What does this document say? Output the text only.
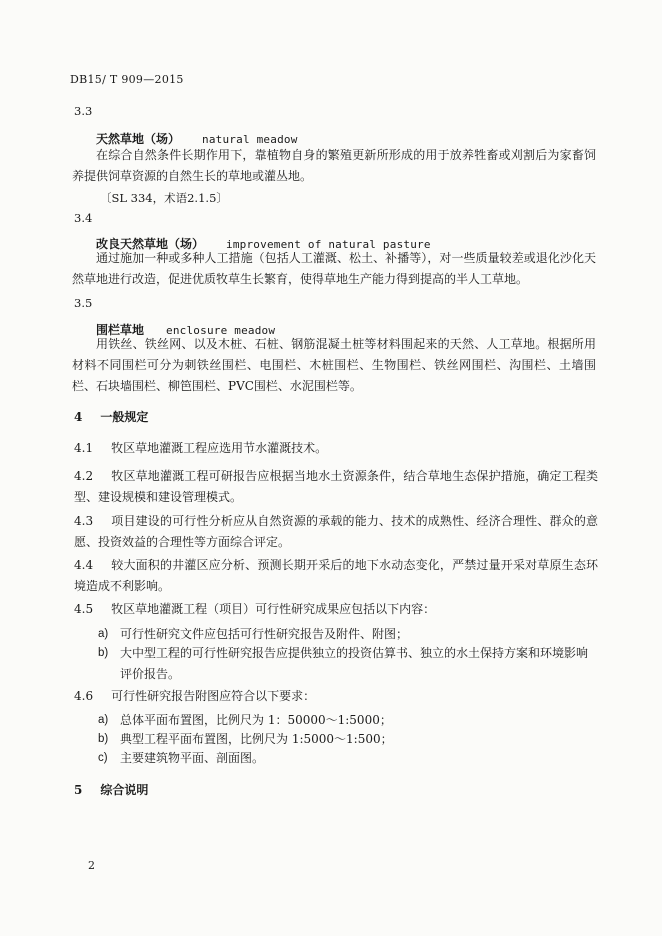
DB15/ T 909—2015
3.3
天然草地（场） natural meadow
在综合自然条件长期作用下，靠植物自身的繁殖更新所形成的用于放养牲畜或刈割后为家畜饲养提供饲草资源的自然生长的草地或灌丛地。
〔SL 334，术语2.1.5〕
3.4
改良天然草地（场） improvement of natural pasture
通过施加一种或多种人工措施（包括人工灌溉、松土、补播等），对一些质量较差或退化沙化天然草地进行改造，促进优质牧草生长繁育，使得草地生产能力得到提高的半人工草地。
3.5
围栏草地 enclosure meadow
用铁丝、铁丝网、以及木桩、石桩、钢筋混凝土桩等材料围起来的天然、人工草地。根据所用材料不同围栏可分为刺铁丝围栏、电围栏、木桩围栏、生物围栏、铁丝网围栏、沟围栏、土墙围栏、石块墙围栏、柳笆围栏、PVC围栏、水泥围栏等。
4 一般规定
4.1 牧区草地灌溉工程应选用节水灌溉技术。
4.2 牧区草地灌溉工程可研报告应根据当地水土资源条件，结合草地生态保护措施，确定工程类型、建设规模和建设管理模式。
4.3 项目建设的可行性分析应从自然资源的承载的能力、技术的成熟性、经济合理性、群众的意愿、投资效益的合理性等方面综合评定。
4.4 较大面积的井灌区应分析、预测长期开采后的地下水动态变化，严禁过量开采对草原生态环境造成不利影响。
4.5 牧区草地灌溉工程（项目）可行性研究成果应包括以下内容：
a) 可行性研究文件应包括可行性研究报告及附件、附图；
b) 大中型工程的可行性研究报告应提供独立的投资估算书、独立的水土保持方案和环境影响评价报告。
4.6 可行性研究报告附图应符合以下要求：
a) 总体平面布置图，比例尺为 1：50000～1:5000；
b) 典型工程平面布置图，比例尺为 1:5000～1:500；
c)	主要建筑物平面、剖面图。
5 综合说明
2
